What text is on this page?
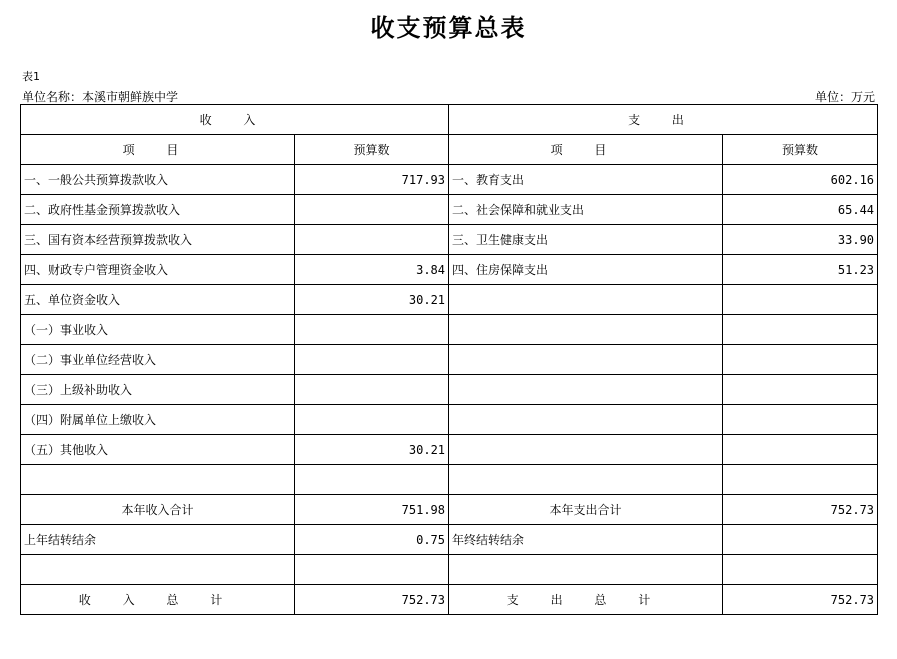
收支预算总表
表1
单位名称：本溪市朝鲜族中学	单位：万元
收 入		支 出	
项 目	预算数	项 目	预算数
一、一般公共预算拨款收入	717.93	一、教育支出	602.16
二、政府性基金预算拨款收入		二、社会保障和就业支出	65.44
三、国有资本经营预算拨款收入		三、卫生健康支出	33.90
四、财政专户管理资金收入	3.84	四、住房保障支出	51.23
五、单位资金收入	30.21		
（一）事业收入			
（二）事业单位经营收入			
（三）上级补助收入			
（四）附属单位上缴收入			
（五）其他收入	30.21		

本年收入合计	751.98	本年支出合计	752.73
上年结转结余	0.75	年终结转结余	

收 入 总 计	752.73	支 出 总 计	752.73
